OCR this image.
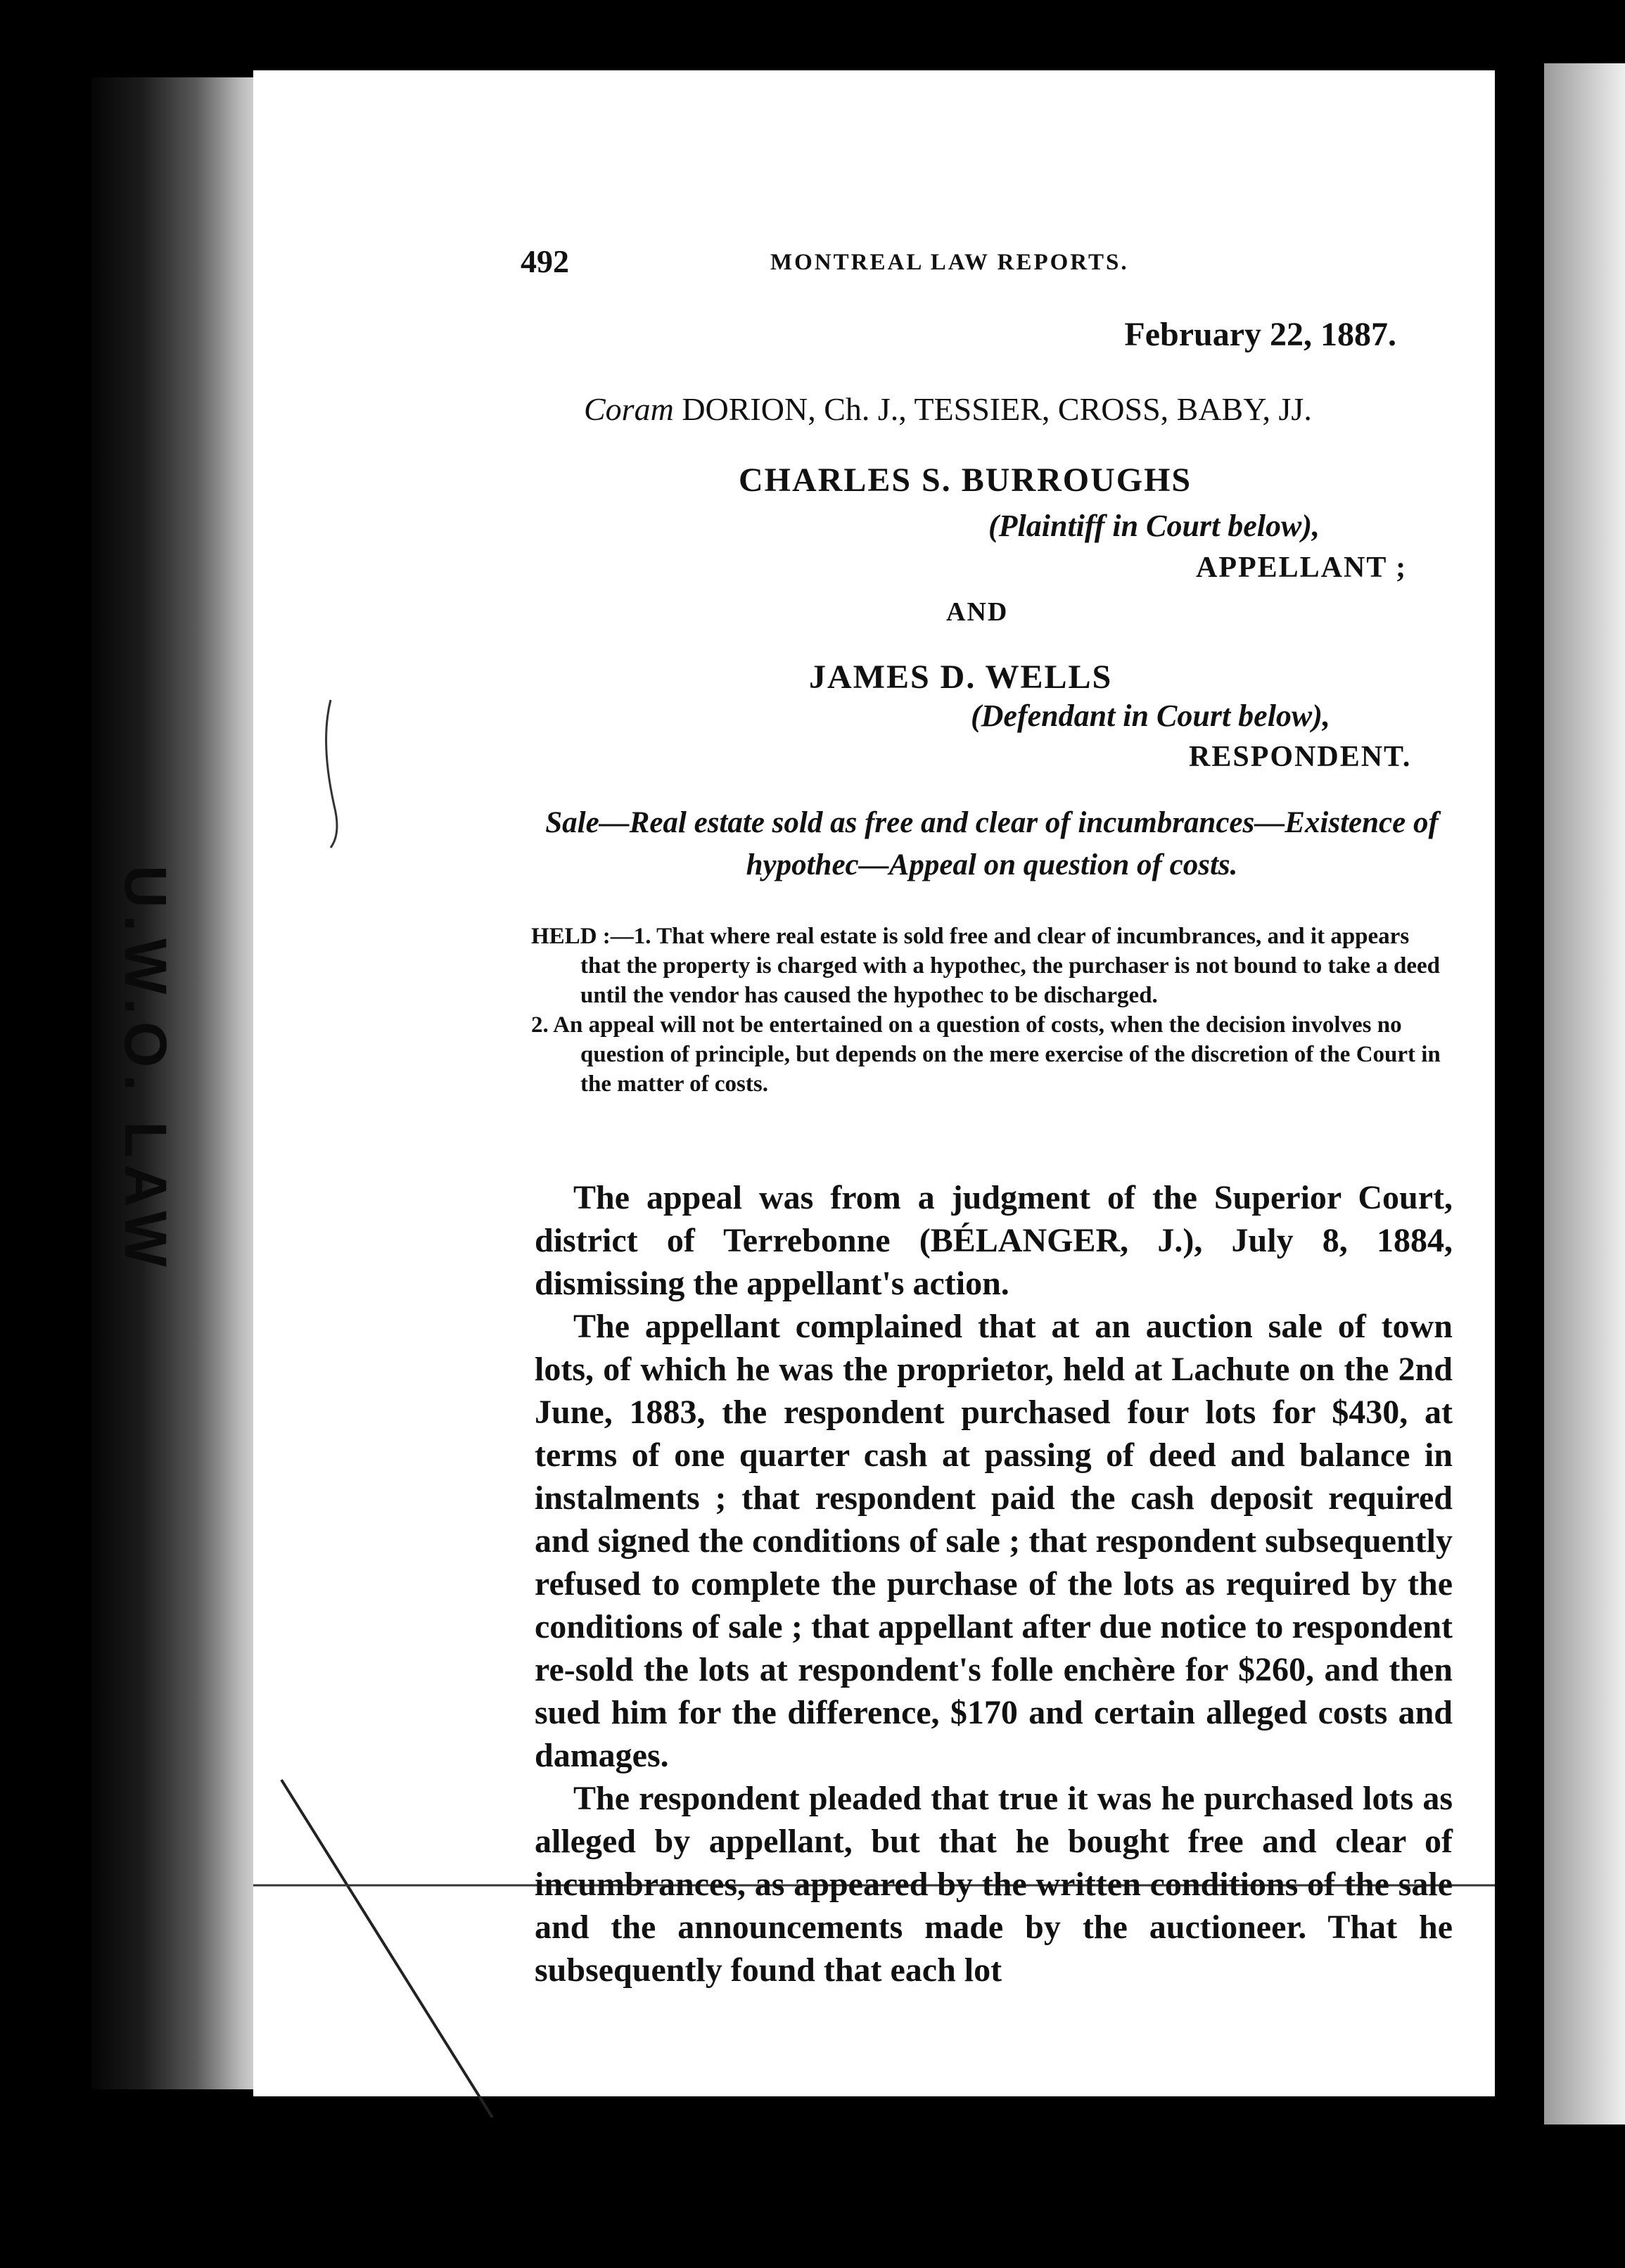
U.W.O. LAW
492	MONTREAL LAW REPORTS.
February 22, 1887.
Coram DORION, Ch. J., TESSIER, CROSS, BABY, JJ.
CHARLES S. BURROUGHS
(Plaintiff in Court below),
APPELLANT ;
AND
JAMES D. WELLS
(Defendant in Court below),
RESPONDENT.
Sale—Real estate sold as free and clear of incumbrances—Existence of hypothec—Appeal on question of costs.

HELD :—1. That where real estate is sold free and clear of incumbrances, and it appears that the property is charged with a hypothec, the purchaser is not bound to take a deed until the vendor has caused the hypothec to be discharged.

2. An appeal will not be entertained on a question of costs, when the decision involves no question of principle, but depends on the mere exercise of the discretion of the Court in the matter of costs.

The appeal was from a judgment of the Superior Court, district of Terrebonne (BÉLANGER, J.), July 8, 1884, dismissing the appellant's action.

The appellant complained that at an auction sale of town lots, of which he was the proprietor, held at Lachute on the 2nd June, 1883, the respondent purchased four lots for $430, at terms of one quarter cash at passing of deed and balance in instalments ; that respondent paid the cash deposit required and signed the conditions of sale ; that respondent subsequently refused to complete the purchase of the lots as required by the conditions of sale ; that appellant after due notice to respondent re-sold the lots at respondent's folle enchère for $260, and then sued him for the difference, $170 and certain alleged costs and damages.

The respondent pleaded that true it was he purchased lots as alleged by appellant, but that he bought free and clear of incumbrances, as appeared by the written conditions of the sale and the announcements made by the auctioneer. That he subsequently found that each lot
